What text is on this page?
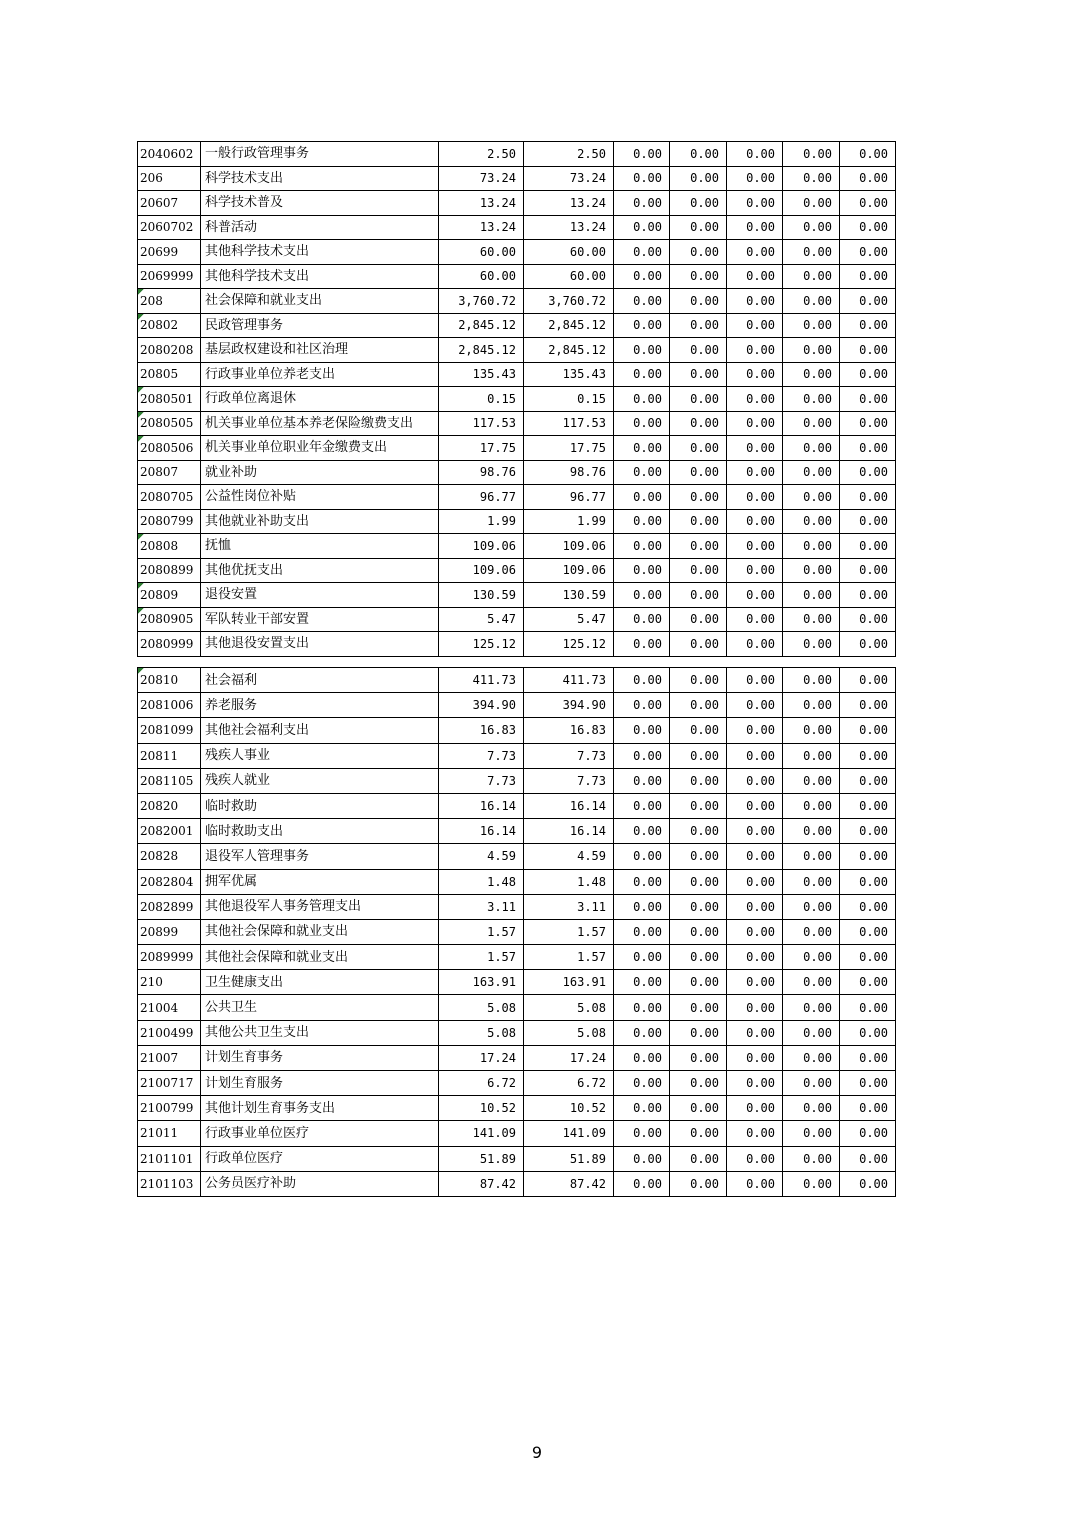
2040602	一般行政管理事务	2.50	2.50	0.00	0.00	0.00	0.00	0.00
206	科学技术支出	73.24	73.24	0.00	0.00	0.00	0.00	0.00
20607	科学技术普及	13.24	13.24	0.00	0.00	0.00	0.00	0.00
2060702	科普活动	13.24	13.24	0.00	0.00	0.00	0.00	0.00
20699	其他科学技术支出	60.00	60.00	0.00	0.00	0.00	0.00	0.00
2069999	其他科学技术支出	60.00	60.00	0.00	0.00	0.00	0.00	0.00
208	社会保障和就业支出	3,760.72	3,760.72	0.00	0.00	0.00	0.00	0.00
20802	民政管理事务	2,845.12	2,845.12	0.00	0.00	0.00	0.00	0.00
2080208	基层政权建设和社区治理	2,845.12	2,845.12	0.00	0.00	0.00	0.00	0.00
20805	行政事业单位养老支出	135.43	135.43	0.00	0.00	0.00	0.00	0.00
2080501	行政单位离退休	0.15	0.15	0.00	0.00	0.00	0.00	0.00
2080505	机关事业单位基本养老保险缴费支出	117.53	117.53	0.00	0.00	0.00	0.00	0.00
2080506	机关事业单位职业年金缴费支出	17.75	17.75	0.00	0.00	0.00	0.00	0.00
20807	就业补助	98.76	98.76	0.00	0.00	0.00	0.00	0.00
2080705	公益性岗位补贴	96.77	96.77	0.00	0.00	0.00	0.00	0.00
2080799	其他就业补助支出	1.99	1.99	0.00	0.00	0.00	0.00	0.00
20808	抚恤	109.06	109.06	0.00	0.00	0.00	0.00	0.00
2080899	其他优抚支出	109.06	109.06	0.00	0.00	0.00	0.00	0.00
20809	退役安置	130.59	130.59	0.00	0.00	0.00	0.00	0.00
2080905	军队转业干部安置	5.47	5.47	0.00	0.00	0.00	0.00	0.00
2080999	其他退役安置支出	125.12	125.12	0.00	0.00	0.00	0.00	0.00
20810	社会福利	411.73	411.73	0.00	0.00	0.00	0.00	0.00
2081006	养老服务	394.90	394.90	0.00	0.00	0.00	0.00	0.00
2081099	其他社会福利支出	16.83	16.83	0.00	0.00	0.00	0.00	0.00
20811	残疾人事业	7.73	7.73	0.00	0.00	0.00	0.00	0.00
2081105	残疾人就业	7.73	7.73	0.00	0.00	0.00	0.00	0.00
20820	临时救助	16.14	16.14	0.00	0.00	0.00	0.00	0.00
2082001	临时救助支出	16.14	16.14	0.00	0.00	0.00	0.00	0.00
20828	退役军人管理事务	4.59	4.59	0.00	0.00	0.00	0.00	0.00
2082804	拥军优属	1.48	1.48	0.00	0.00	0.00	0.00	0.00
2082899	其他退役军人事务管理支出	3.11	3.11	0.00	0.00	0.00	0.00	0.00
20899	其他社会保障和就业支出	1.57	1.57	0.00	0.00	0.00	0.00	0.00
2089999	其他社会保障和就业支出	1.57	1.57	0.00	0.00	0.00	0.00	0.00
210	卫生健康支出	163.91	163.91	0.00	0.00	0.00	0.00	0.00
21004	公共卫生	5.08	5.08	0.00	0.00	0.00	0.00	0.00
2100499	其他公共卫生支出	5.08	5.08	0.00	0.00	0.00	0.00	0.00
21007	计划生育事务	17.24	17.24	0.00	0.00	0.00	0.00	0.00
2100717	计划生育服务	6.72	6.72	0.00	0.00	0.00	0.00	0.00
2100799	其他计划生育事务支出	10.52	10.52	0.00	0.00	0.00	0.00	0.00
21011	行政事业单位医疗	141.09	141.09	0.00	0.00	0.00	0.00	0.00
2101101	行政单位医疗	51.89	51.89	0.00	0.00	0.00	0.00	0.00
2101103	公务员医疗补助	87.42	87.42	0.00	0.00	0.00	0.00	0.00
9
